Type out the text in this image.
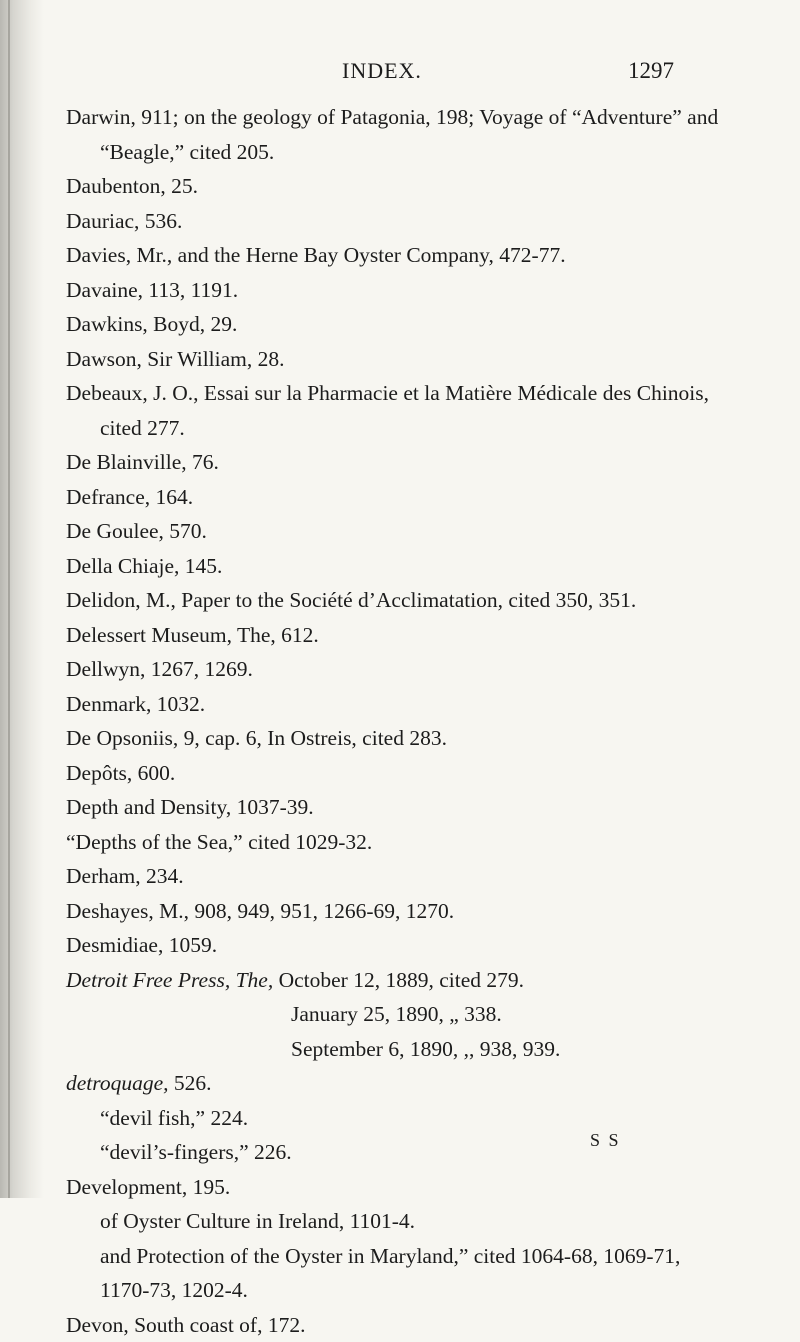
INDEX.	1297
Darwin, 911; on the geology of Patagonia, 198; Voyage of “Adventure” and “Beagle,” cited 205.
Daubenton, 25.
Dauriac, 536.
Davies, Mr., and the Herne Bay Oyster Company, 472-77.
Davaine, 113, 1191.
Dawkins, Boyd, 29.
Dawson, Sir William, 28.
Debeaux, J. O., Essai sur la Pharmacie et la Matière Médicale des Chinois, cited 277.
De Blainville, 76.
Defrance, 164.
De Goulee, 570.
Della Chiaje, 145.
Delidon, M., Paper to the Société d’Acclimatation, cited 350, 351.
Delessert Museum, The, 612.
Dellwyn, 1267, 1269.
Denmark, 1032.
De Opsoniis, 9, cap. 6, In Ostreis, cited 283.
Depôts, 600.
Depth and Density, 1037-39.
“Depths of the Sea,” cited 1029-32.
Derham, 234.
Deshayes, M., 908, 949, 951, 1266-69, 1270.
Desmidiae, 1059.
Detroit Free Press, The, October 12, 1889, cited 279.
January 25, 1890, „ 338.
September 6, 1890, ,, 938, 939.
detroquage, 526.
“devil fish,” 224.
“devil’s-fingers,” 226.
Development, 195.
of Oyster Culture in Ireland, 1101-4.
and Protection of the Oyster in Maryland,” cited 1064-68, 1069-71,
1170-73, 1202-4.
Devon, South coast of, 172.
S S
